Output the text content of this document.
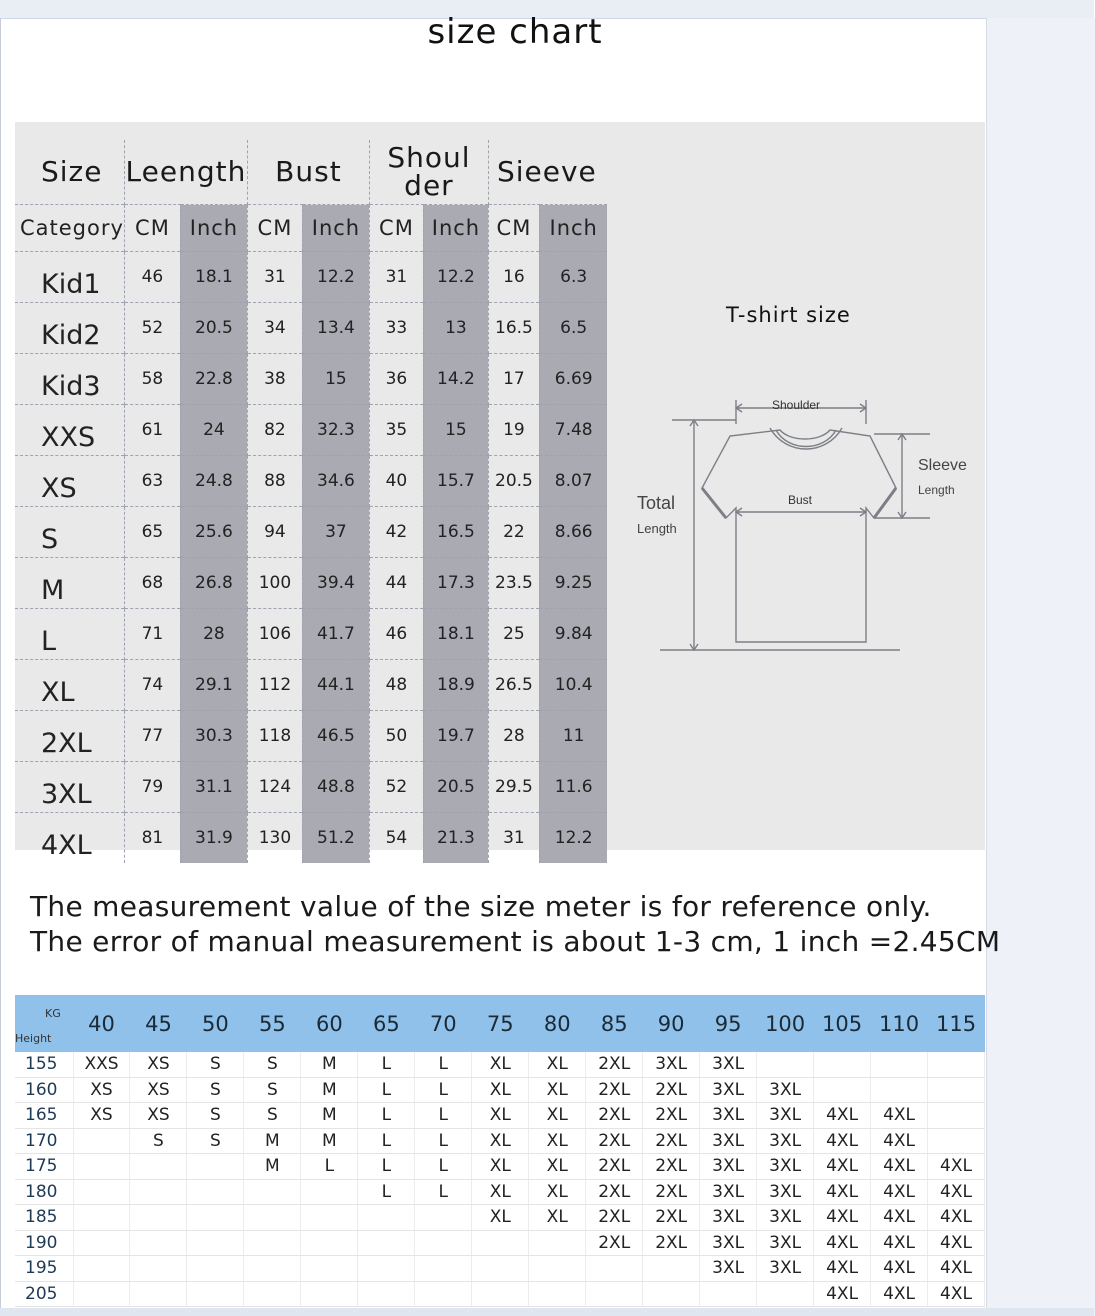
size chart
Size	Leength		Bust		Shoul der		Sieeve	
Category	CM	Inch	CM	Inch	CM	Inch	CM	Inch
Kid1	46	18.1	31	12.2	31	12.2	16	6.3
Kid2	52	20.5	34	13.4	33	13	16.5	6.5
Kid3	58	22.8	38	15	36	14.2	17	6.69
XXS	61	24	82	32.3	35	15	19	7.48
XS	63	24.8	88	34.6	40	15.7	20.5	8.07
S	65	25.6	94	37	42	16.5	22	8.66
M	68	26.8	100	39.4	44	17.3	23.5	9.25
L	71	28	106	41.7	46	18.1	25	9.84
XL	74	29.1	112	44.1	48	18.9	26.5	10.4
2XL	77	30.3	118	46.5	50	19.7	28	11
3XL	79	31.1	124	48.8	52	20.5	29.5	11.6
4XL	81	31.9	130	51.2	54	21.3	31	12.2
T-shirt size
Shoulder
Bust
Sleeve
Length
Total
Length
The measurement value of the size meter is for reference only.
The error of manual measurement is about 1-3 cm, 1 inch =2.45CM
KG
Height	40	45	50	55	60	65	70	75	80	85	90	95	100	105	110	115
155	XXS	XS	S	S	M	L	L	XL	XL	2XL	3XL	3XL				
160	XS	XS	S	S	M	L	L	XL	XL	2XL	2XL	3XL	3XL			
165	XS	XS	S	S	M	L	L	XL	XL	2XL	2XL	3XL	3XL	4XL	4XL	
170		S	S	M	M	L	L	XL	XL	2XL	2XL	3XL	3XL	4XL	4XL	
175				M	L	L	L	XL	XL	2XL	2XL	3XL	3XL	4XL	4XL	4XL
180						L	L	XL	XL	2XL	2XL	3XL	3XL	4XL	4XL	4XL
185								XL	XL	2XL	2XL	3XL	3XL	4XL	4XL	4XL
190										2XL	2XL	3XL	3XL	4XL	4XL	4XL
195												3XL	3XL	4XL	4XL	4XL
205														4XL	4XL	4XL
